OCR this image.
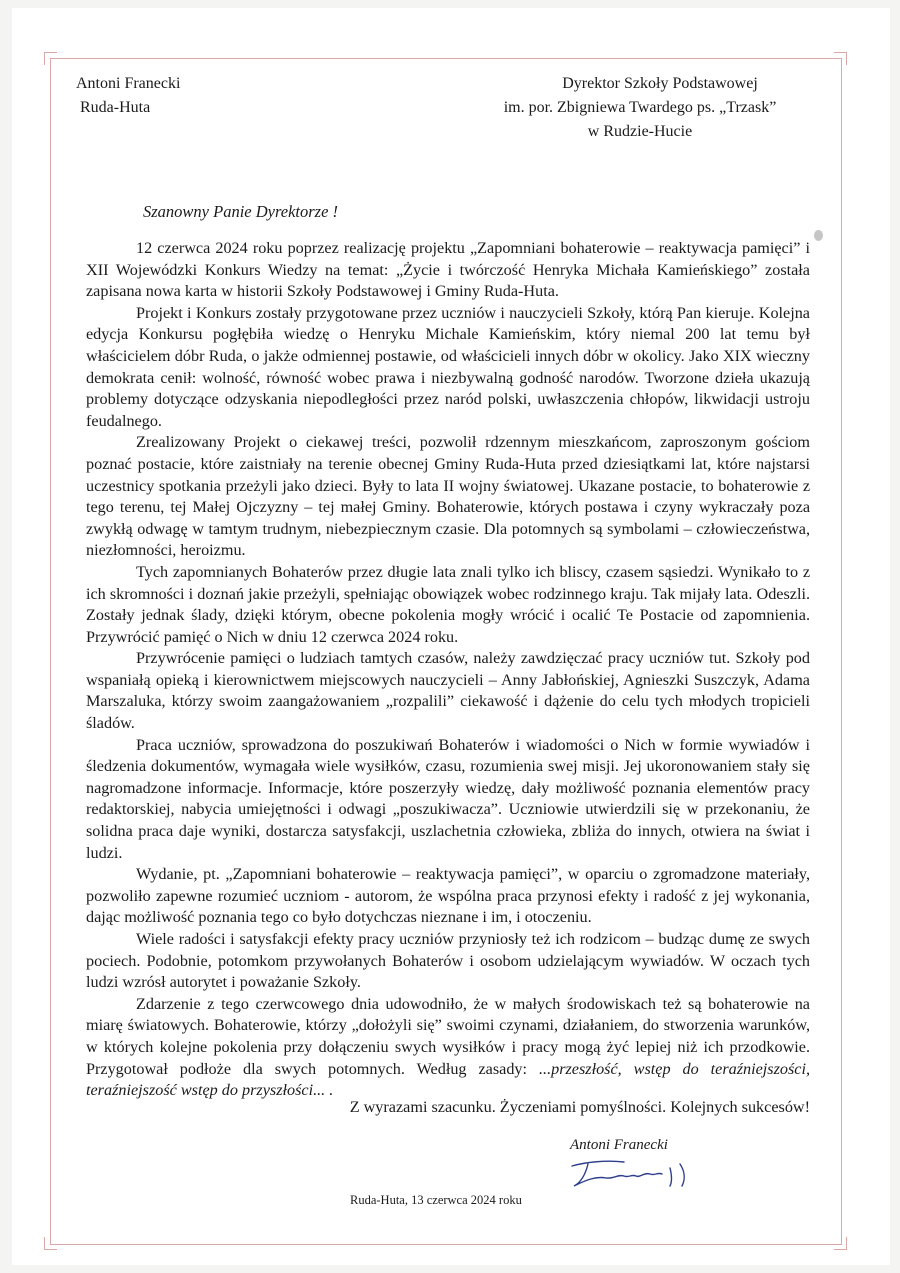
Antoni Franecki
Ruda-Huta
Dyrektor Szkoły Podstawowej
im. por. Zbigniewa Twardego ps. „Trzask”
w Rudzie-Hucie
Szanowny Panie Dyrektorze !

12 czerwca 2024 roku poprzez realizację projektu „Zapomniani bohaterowie – reaktywacja pamięci” i XII Wojewódzki Konkurs Wiedzy na temat: „Życie i twórczość Henryka Michała Kamieńskiego” została zapisana nowa karta w historii Szkoły Podstawowej i Gminy Ruda-Huta.

Projekt i Konkurs zostały przygotowane przez uczniów i nauczycieli Szkoły, którą Pan kieruje. Kolejna edycja Konkursu pogłębiła wiedzę o Henryku Michale Kamieńskim, który niemal 200 lat temu był właścicielem dóbr Ruda, o jakże odmiennej postawie, od właścicieli innych dóbr w okolicy. Jako XIX wieczny demokrata cenił: wolność, równość wobec prawa i niezbywalną godność narodów. Tworzone dzieła ukazują problemy dotyczące odzyskania niepodległości przez naród polski, uwłaszczenia chłopów, likwidacji ustroju feudalnego.

Zrealizowany Projekt o ciekawej treści, pozwolił rdzennym mieszkańcom, zaproszonym gościom poznać postacie, które zaistniały na terenie obecnej Gminy Ruda-Huta przed dziesiątkami lat, które najstarsi uczestnicy spotkania przeżyli jako dzieci. Były to lata II wojny światowej. Ukazane postacie, to bohaterowie z tego terenu, tej Małej Ojczyzny – tej małej Gminy. Bohaterowie, których postawa i czyny wykraczały poza zwykłą odwagę w tamtym trudnym, niebezpiecznym czasie. Dla potomnych są symbolami – człowieczeństwa, niezłomności, heroizmu.

Tych zapomnianych Bohaterów przez długie lata znali tylko ich bliscy, czasem sąsiedzi. Wynikało to z ich skromności i doznań jakie przeżyli, spełniając obowiązek wobec rodzinnego kraju. Tak mijały lata. Odeszli. Zostały jednak ślady, dzięki którym, obecne pokolenia mogły wrócić i ocalić Te Postacie od zapomnienia. Przywrócić pamięć o Nich w dniu 12 czerwca 2024 roku.

Przywrócenie pamięci o ludziach tamtych czasów, należy zawdzięczać pracy uczniów tut. Szkoły pod wspaniałą opieką i kierownictwem miejscowych nauczycieli – Anny Jabłońskiej, Agnieszki Suszczyk, Adama Marszaluka, którzy swoim zaangażowaniem „rozpalili” ciekawość i dążenie do celu tych młodych tropicieli śladów.

Praca uczniów, sprowadzona do poszukiwań Bohaterów i wiadomości o Nich w formie wywiadów i śledzenia dokumentów, wymagała wiele wysiłków, czasu, rozumienia swej misji. Jej ukoronowaniem stały się nagromadzone informacje. Informacje, które poszerzyły wiedzę, dały możliwość poznania elementów pracy redaktorskiej, nabycia umiejętności i odwagi „poszukiwacza”. Uczniowie utwierdzili się w przekonaniu, że solidna praca daje wyniki, dostarcza satysfakcji, uszlachetnia człowieka, zbliża do innych, otwiera na świat i ludzi.

Wydanie, pt. „Zapomniani bohaterowie – reaktywacja pamięci”, w oparciu o zgromadzone materiały, pozwoliło zapewne rozumieć uczniom - autorom, że wspólna praca przynosi efekty i radość z jej wykonania, dając możliwość poznania tego co było dotychczas nieznane i im, i otoczeniu.

Wiele radości i satysfakcji efekty pracy uczniów przyniosły też ich rodzicom – budząc dumę ze swych pociech. Podobnie, potomkom przywołanych Bohaterów i osobom udzielającym wywiadów. W oczach tych ludzi wzrósł autorytet i poważanie Szkoły.

Zdarzenie z tego czerwcowego dnia udowodniło, że w małych środowiskach też są bohaterowie na miarę światowych. Bohaterowie, którzy „dołożyli się” swoimi czynami, działaniem, do stworzenia warunków, w których kolejne pokolenia przy dołączeniu swych wysiłków i pracy mogą żyć lepiej niż ich przodkowie. Przygotował podłoże dla swych potomnych. Według zasady: ...przeszłość, wstęp do teraźniejszości, teraźniejszość wstęp do przyszłości... .

Z wyrazami szacunku. Życzeniami pomyślności. Kolejnych sukcesów!
Antoni Franecki
Ruda-Huta, 13 czerwca 2024 roku
